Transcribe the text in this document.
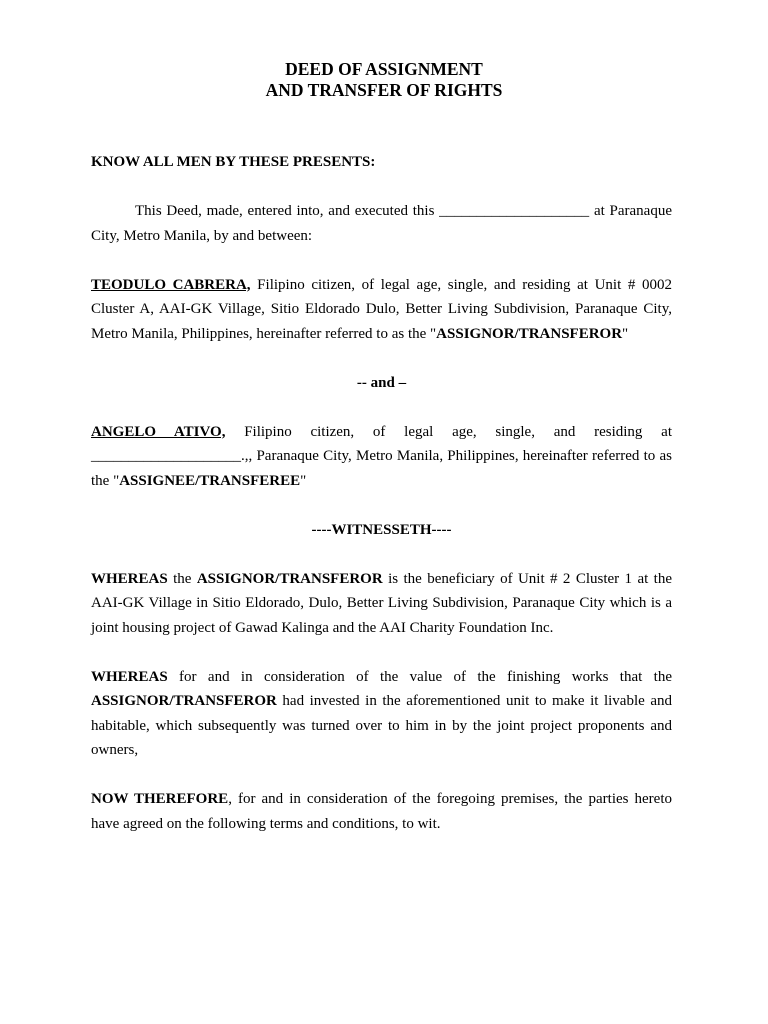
DEED OF ASSIGNMENT
AND TRANSFER OF RIGHTS

KNOW ALL MEN BY THESE PRESENTS:

This Deed, made, entered into, and executed this ____________________ at Paranaque City, Metro Manila, by and between:

TEODULO CABRERA, Filipino citizen, of legal age, single, and residing at Unit # 0002 Cluster A, AAI-GK Village, Sitio Eldorado Dulo, Better Living Subdivision, Paranaque City, Metro Manila, Philippines, hereinafter referred to as the "ASSIGNOR/TRANSFEROR"

-- and –

ANGELO ATIVO, Filipino citizen, of legal age, single, and residing at ____________________.,, Paranaque City, Metro Manila, Philippines, hereinafter referred to as the "ASSIGNEE/TRANSFEREE"

----WITNESSETH----

WHEREAS the ASSIGNOR/TRANSFEROR is the beneficiary of Unit # 2 Cluster 1 at the AAI-GK Village in Sitio Eldorado, Dulo, Better Living Subdivision, Paranaque City which is a joint housing project of Gawad Kalinga and the AAI Charity Foundation Inc.

WHEREAS for and in consideration of the value of the finishing works that the ASSIGNOR/TRANSFEROR had invested in the aforementioned unit to make it livable and habitable, which subsequently was turned over to him in by the joint project proponents and owners,

NOW THEREFORE, for and in consideration of the foregoing premises, the parties hereto have agreed on the following terms and conditions, to wit.
